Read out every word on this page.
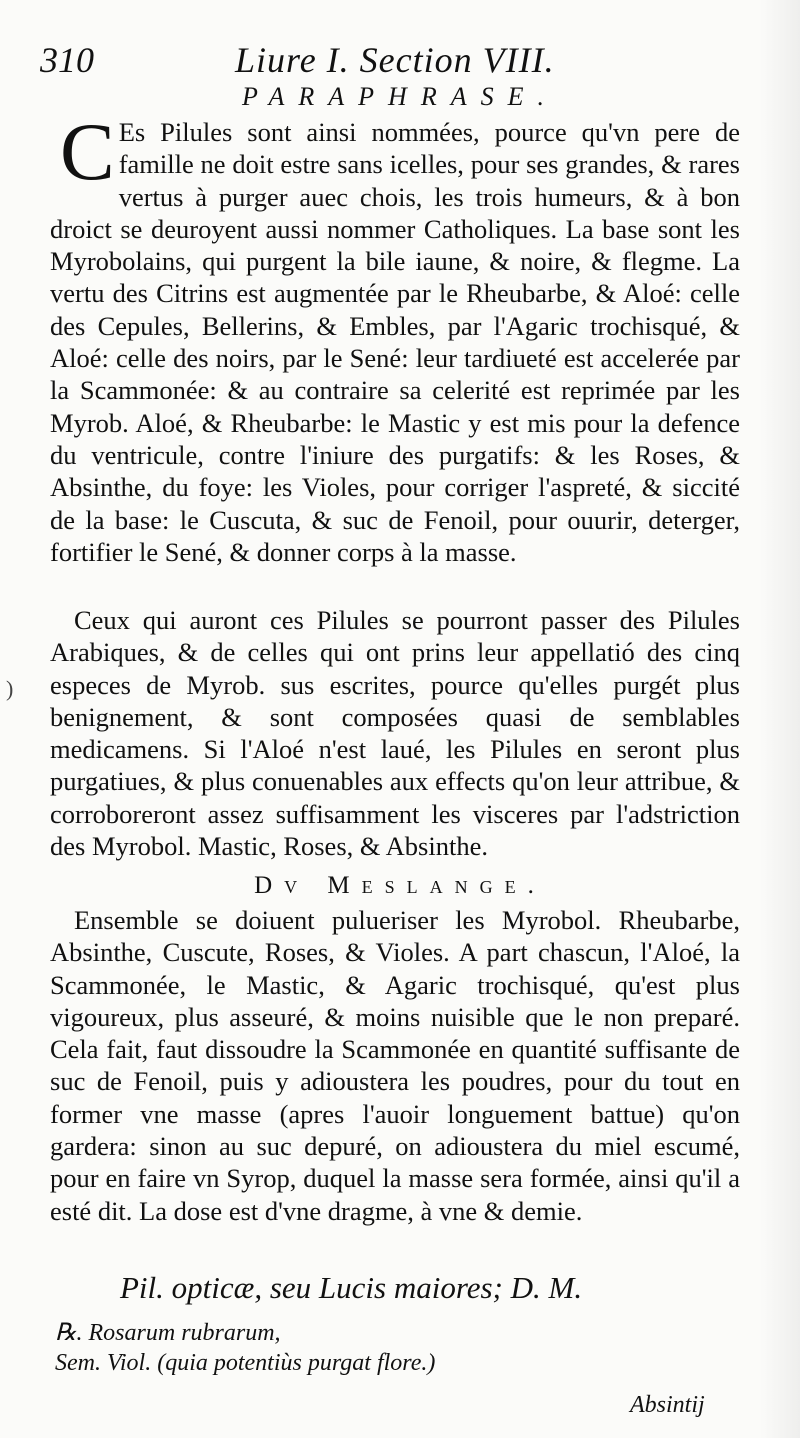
310	Liure I. Section VIII.
PARAPHRASE.

C Es Pilules sont ainsi nommées, pource qu'vn pere de famille ne doit estre sans icelles, pour ses grandes, & rares vertus à purger auec chois, les trois humeurs, & à bon droict se deuroyent aussi nommer Catholiques. La base sont les Myrobolains, qui purgent la bile iaune, & noire, & flegme. La vertu des Citrins est augmentée par le Rheubarbe, & Aloé: celle des Cepules, Bellerins, & Embles, par l'Agaric trochisqué, & Aloé: celle des noirs, par le Sené: leur tardiueté est accelerée par la Scammonée: & au contraire sa celerité est reprimée par les Myrob. Aloé, & Rheubarbe: le Mastic y est mis pour la defence du ventricule, contre l'iniure des purgatifs: & les Roses, & Absinthe, du foye: les Violes, pour corriger l'aspreté, & siccité de la base: le Cuscuta, & suc de Fenoil, pour ouurir, deterger, fortifier le Sené, & donner corps à la masse.

Ceux qui auront ces Pilules se pourront passer des Pilules Arabiques, & de celles qui ont prins leur appellatió des cinq especes de Myrob. sus escrites, pource qu'elles purgét plus benignement, & sont composées quasi de semblables medicamens. Si l'Aloé n'est laué, les Pilules en seront plus purgatiues, & plus conuenables aux effects qu'on leur attribue, & corroboreront assez suffisamment les visceres par l'adstriction des Myrobol. Mastic, Roses, & Absinthe.

Dv Meslange.

Ensemble se doiuent pulueriser les Myrobol. Rheubarbe, Absinthe, Cuscute, Roses, & Violes. A part chascun, l'Aloé, la Scammonée, le Mastic, & Agaric trochisqué, qu'est plus vigoureux, plus asseuré, & moins nuisible que le non preparé. Cela fait, faut dissoudre la Scammonée en quantité suffisante de suc de Fenoil, puis y adioustera les poudres, pour du tout en former vne masse (apres l'auoir longuement battue) qu'on gardera: sinon au suc depuré, on adioustera du miel escumé, pour en faire vn Syrop, duquel la masse sera formée, ainsi qu'il a esté dit. La dose est d'vne dragme, à vne & demie.

Pil. opticæ, seu Lucis maiores; D. M.
℞. Rosarum rubrarum,
Sem. Viol. (quia potentiùs purgat flore.)
Absintij
)
